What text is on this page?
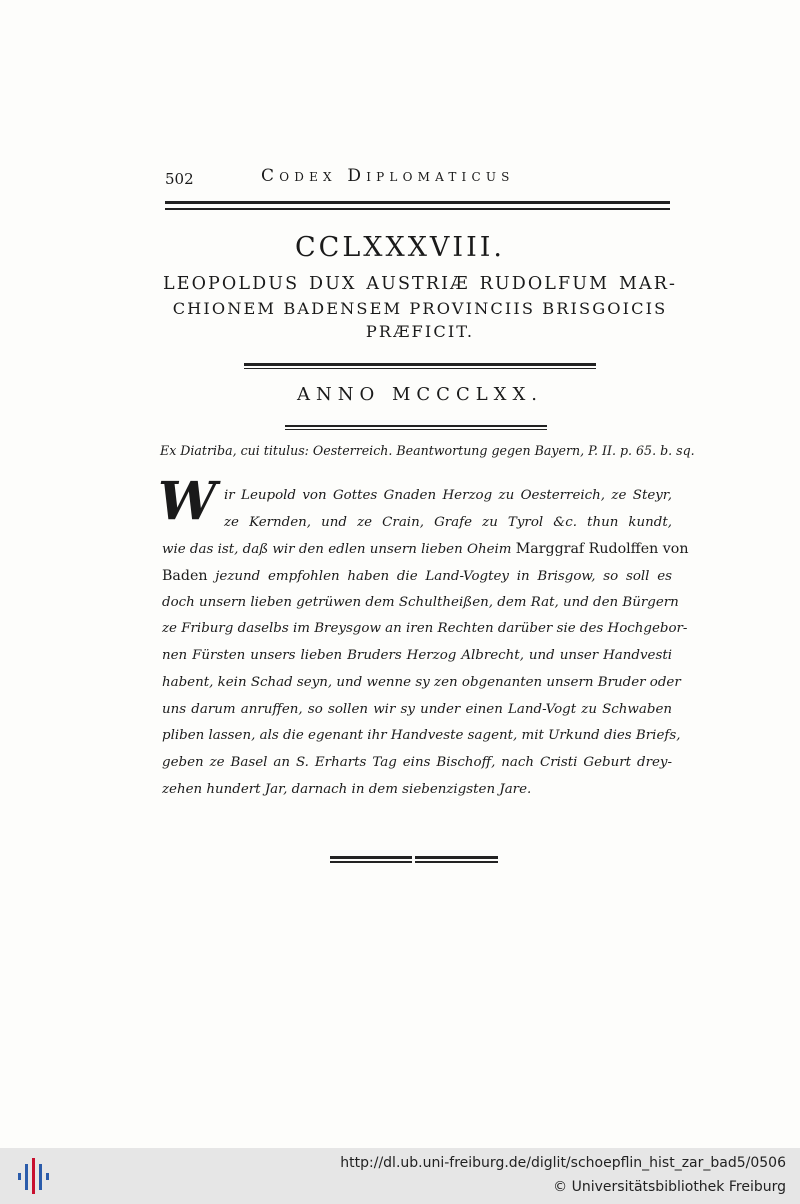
502	Codex Diplomaticus
CCLXXXVIII.
LEOPOLDUS DUX AUSTRIÆ RUDOLFUM MAR-
CHIONEM BADENSEM PROVINCIIS BRISGOICIS
PRÆFICIT.
ANNO MCCCLXX.
Ex Diatriba, cui titulus: Oesterreich. Beantwortung gegen Bayern, P. II. p. 65. b. sq.
W	ir Leupold von Gottes Gnaden Herzog zu Oesterreich, ze Steyr,
ze Kernden, und ze Crain, Grafe zu Tyrol &c. thun kundt,
wie das ist, daß wir den edlen unsern lieben Oheim Marggraf Rudolffen von
Baden jezund empfohlen haben die Land-Vogtey in Brisgow, so soll es
doch unsern lieben getrüwen dem Schultheißen, dem Rat, und den Bürgern
ze Friburg daselbs im Breysgow an iren Rechten darüber sie des Hochgebor-
nen Fürsten unsers lieben Bruders Herzog Albrecht, und unser Handvesti
habent, kein Schad seyn, und wenne sy zen obgenanten unsern Bruder oder
uns darum anruffen, so sollen wir sy under einen Land-Vogt zu Schwaben
pliben lassen, als die egenant ihr Handveste sagent, mit Urkund dies Briefs,
geben ze Basel an S. Erharts Tag eins Bischoff, nach Cristi Geburt drey-
zehen hundert Jar, darnach in dem siebenzigsten Jare.
http://dl.ub.uni-freiburg.de/diglit/schoepflin_hist_zar_bad5/0506
© Universitätsbibliothek Freiburg
